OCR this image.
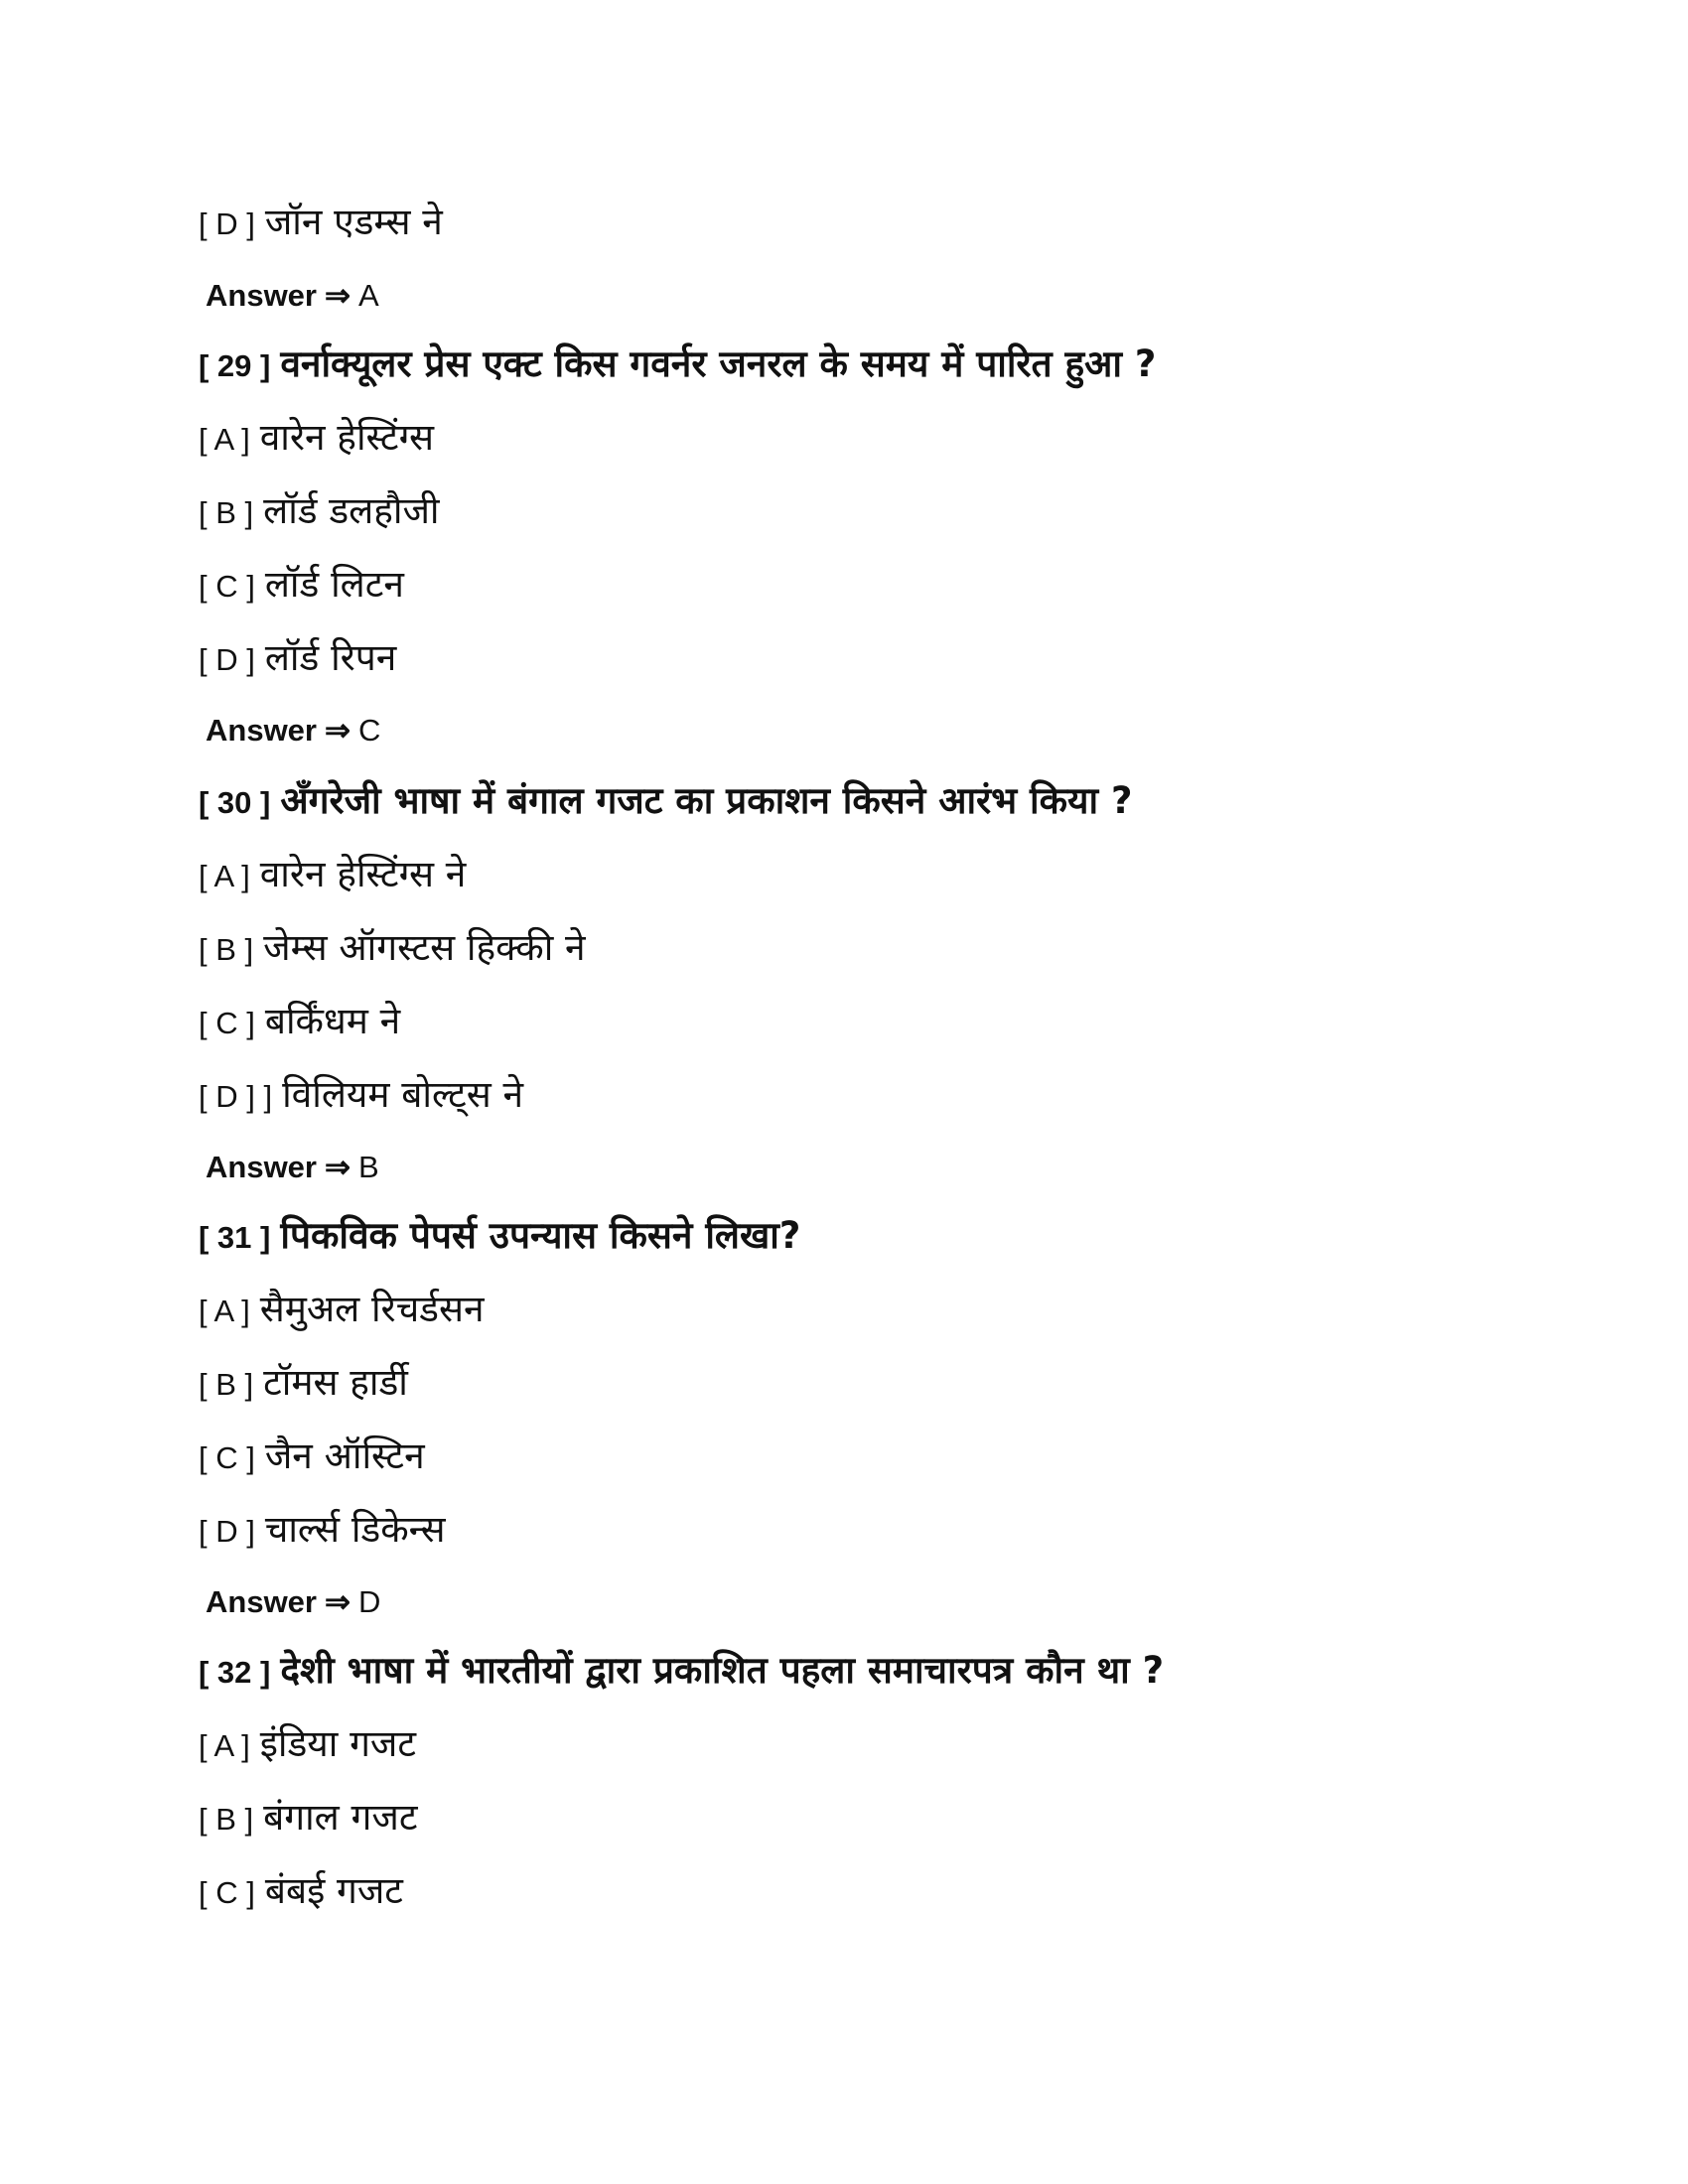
[ D ] जॉन एडम्स ने
Answer ⇒ A
[ 29 ] वर्नाक्यूलर प्रेस एक्ट किस गवर्नर जनरल के समय में पारित हुआ ?
[ A ] वारेन हेस्टिंग्स
[ B ] लॉर्ड डलहौजी
[ C ] लॉर्ड लिटन
[ D ] लॉर्ड रिपन
Answer ⇒ C
[ 30 ] अँगरेजी भाषा में बंगाल गजट का प्रकाशन किसने आरंभ किया ?
[ A ] वारेन हेस्टिंग्स ने
[ B ] जेम्स ऑगस्टस हिक्की ने
[ C ] बर्किंधम ने
[ D ] ] विलियम बोल्ट्स ने
Answer ⇒ B
[ 31 ] पिकविक पेपर्स उपन्यास किसने लिखा?
[ A ] सैमुअल रिचर्डसन
[ B ] टॉमस हार्डी
[ C ] जैन ऑस्टिन
[ D ] चार्ल्स डिकेन्स
Answer ⇒ D
[ 32 ] देशी भाषा में भारतीयों द्वारा प्रकाशित पहला समाचारपत्र कौन था ?
[ A ] इंडिया गजट
[ B ] बंगाल गजट
[ C ] बंबई गजट
